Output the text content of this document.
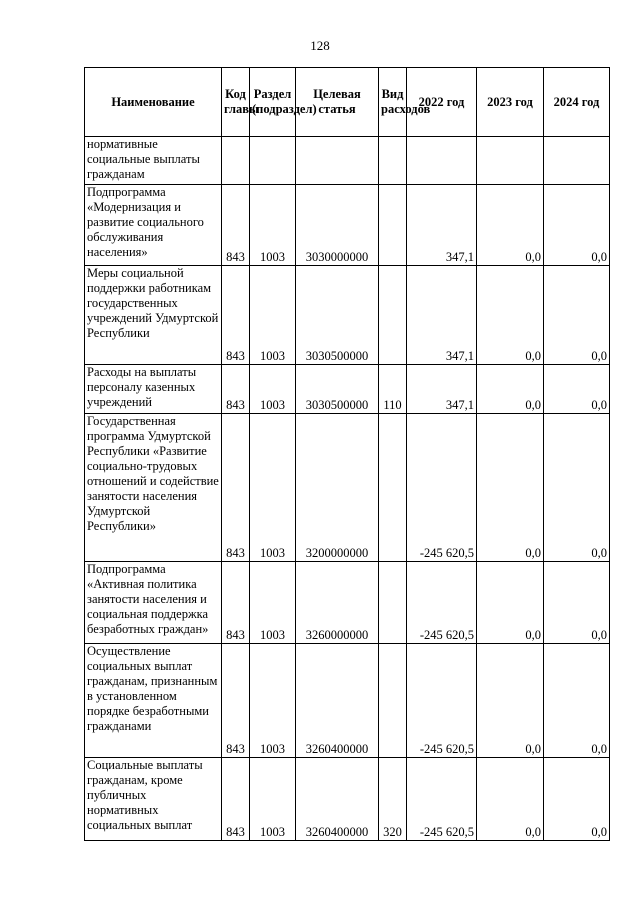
128
Наименование	Код главы	Раздел (подраздел)	Целевая статья	Вид расходов	2022 год	2023 год	2024 год
нормативные социальные выплаты гражданам							
Подпрограмма «Модернизация и развитие социального обслуживания населения»	843	1003	3030000000		347,1	0,0	0,0
Меры социальной поддержки работникам государственных учреждений Удмуртской Республики	843	1003	3030500000		347,1	0,0	0,0
Расходы на выплаты персоналу казенных учреждений	843	1003	3030500000	110	347,1	0,0	0,0
Государственная программа Удмуртской Республики «Развитие социально-трудовых отношений и содействие занятости населения Удмуртской Республики»	843	1003	3200000000		-245 620,5	0,0	0,0
Подпрограмма «Активная политика занятости населения и социальная поддержка безработных граждан»	843	1003	3260000000		-245 620,5	0,0	0,0
Осуществление социальных выплат гражданам, признанным в установленном порядке безработными гражданами	843	1003	3260400000		-245 620,5	0,0	0,0
Социальные выплаты гражданам, кроме публичных нормативных социальных выплат	843	1003	3260400000	320	-245 620,5	0,0	0,0
